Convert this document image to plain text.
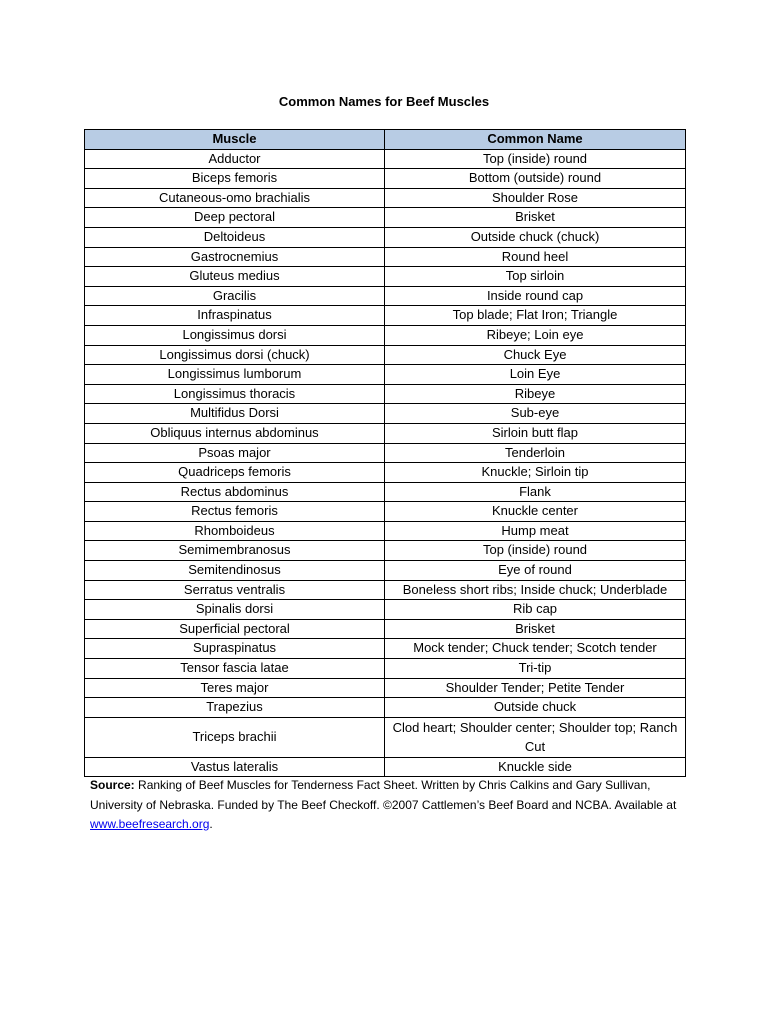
Common Names for Beef Muscles
Muscle	Common Name
Adductor	Top (inside) round
Biceps femoris	Bottom (outside) round
Cutaneous-omo brachialis	Shoulder Rose
Deep pectoral	Brisket
Deltoideus	Outside chuck (chuck)
Gastrocnemius	Round heel
Gluteus medius	Top sirloin
Gracilis	Inside round cap
Infraspinatus	Top blade; Flat Iron; Triangle
Longissimus dorsi	Ribeye; Loin eye
Longissimus dorsi (chuck)	Chuck Eye
Longissimus lumborum	Loin Eye
Longissimus thoracis	Ribeye
Multifidus Dorsi	Sub-eye
Obliquus internus abdominus	Sirloin butt flap
Psoas major	Tenderloin
Quadriceps femoris	Knuckle; Sirloin tip
Rectus abdominus	Flank
Rectus femoris	Knuckle center
Rhomboideus	Hump meat
Semimembranosus	Top (inside) round
Semitendinosus	Eye of round
Serratus ventralis	Boneless short ribs; Inside chuck; Underblade
Spinalis dorsi	Rib cap
Superficial pectoral	Brisket
Supraspinatus	Mock tender; Chuck tender; Scotch tender
Tensor fascia latae	Tri-tip
Teres major	Shoulder Tender; Petite Tender
Trapezius	Outside chuck
Triceps brachii	Clod heart; Shoulder center; Shoulder top; Ranch Cut
Vastus lateralis	Knuckle side
Source: Ranking of Beef Muscles for Tenderness Fact Sheet. Written by Chris Calkins and Gary Sullivan, University of Nebraska. Funded by The Beef Checkoff. ©2007 Cattlemen’s Beef Board and NCBA. Available at www.beefresearch.org.
